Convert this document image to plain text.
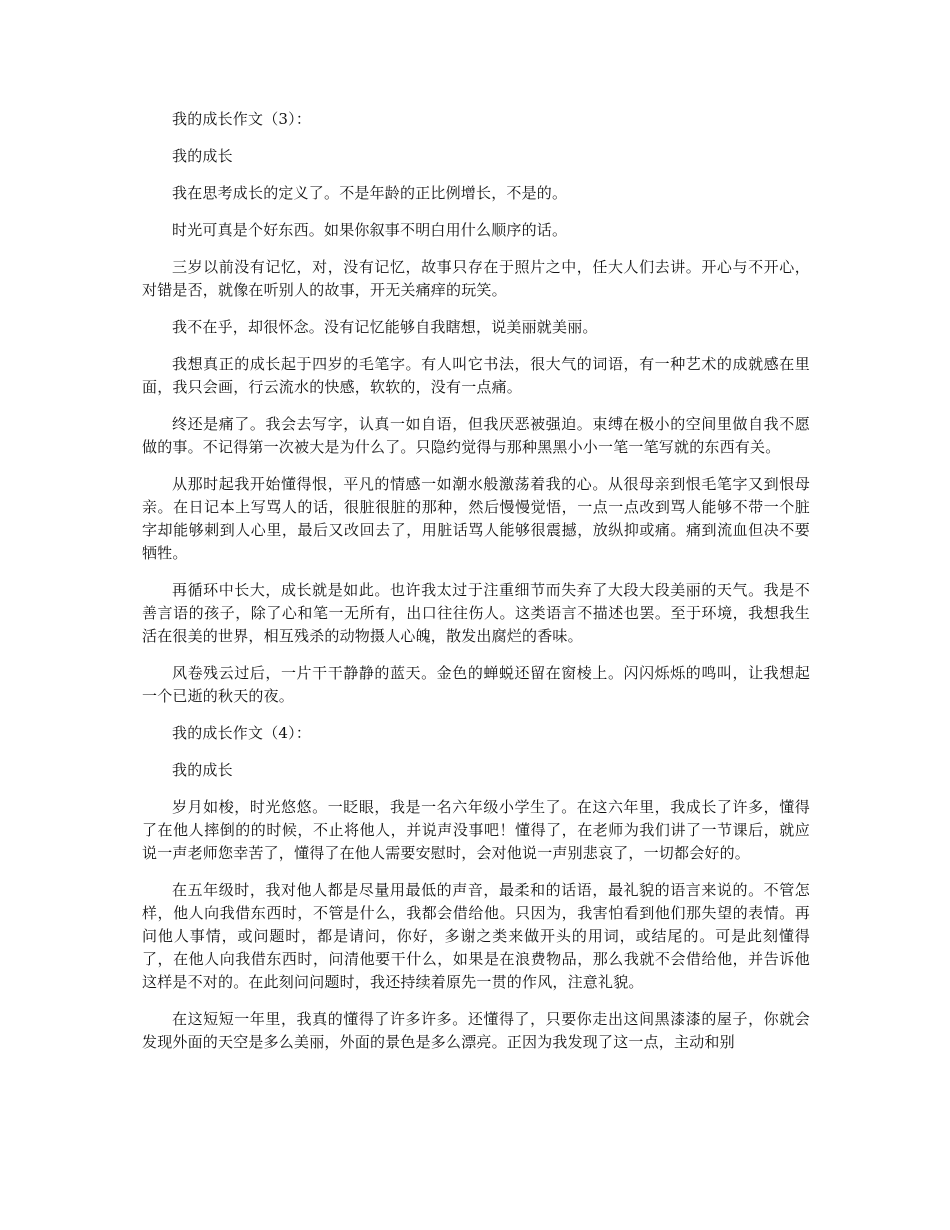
我的成长作文（3）：

我的成长

我在思考成长的定义了。不是年龄的正比例增长，不是的。

时光可真是个好东西。如果你叙事不明白用什么顺序的话。

三岁以前没有记忆，对，没有记忆，故事只存在于照片之中，任大人们去讲。开心与不开心，对错是否，就像在听别人的故事，开无关痛痒的玩笑。

我不在乎，却很怀念。没有记忆能够自我瞎想，说美丽就美丽。

我想真正的成长起于四岁的毛笔字。有人叫它书法，很大气的词语，有一种艺术的成就感在里面，我只会画，行云流水的快感，软软的，没有一点痛。

终还是痛了。我会去写字，认真一如自语，但我厌恶被强迫。束缚在极小的空间里做自我不愿做的事。不记得第一次被大是为什么了。只隐约觉得与那种黑黑小小一笔一笔写就的东西有关。

从那时起我开始懂得恨，平凡的情感一如潮水般激荡着我的心。从很母亲到恨毛笔字又到恨母亲。在日记本上写骂人的话，很脏很脏的那种，然后慢慢觉悟，一点一点改到骂人能够不带一个脏字却能够刺到人心里，最后又改回去了，用脏话骂人能够很震撼，放纵抑或痛。痛到流血但决不要牺牲。

再循环中长大，成长就是如此。也许我太过于注重细节而失弃了大段大段美丽的天气。我是不善言语的孩子，除了心和笔一无所有，出口往往伤人。这类语言不描述也罢。至于环境，我想我生活在很美的世界，相互残杀的动物摄人心魄，散发出腐烂的香味。

风卷残云过后，一片干干静静的蓝天。金色的蝉蜕还留在窗棱上。闪闪烁烁的鸣叫，让我想起一个已逝的秋天的夜。

我的成长作文（4）：

我的成长

岁月如梭，时光悠悠。一眨眼，我是一名六年级小学生了。在这六年里，我成长了许多，懂得了在他人摔倒的的时候，不止将他人，并说声没事吧！懂得了，在老师为我们讲了一节课后，就应说一声老师您幸苦了，懂得了在他人需要安慰时，会对他说一声别悲哀了，一切都会好的。

在五年级时，我对他人都是尽量用最低的声音，最柔和的话语，最礼貌的语言来说的。不管怎样，他人向我借东西时，不管是什么，我都会借给他。只因为，我害怕看到他们那失望的表情。再问他人事情，或问题时，都是请问，你好，多谢之类来做开头的用词，或结尾的。可是此刻懂得了，在他人向我借东西时，问清他要干什么，如果是在浪费物品，那么我就不会借给他，并告诉他这样是不对的。在此刻问问题时，我还持续着原先一贯的作风，注意礼貌。

在这短短一年里，我真的懂得了许多许多。还懂得了，只要你走出这间黑漆漆的屋子，你就会发现外面的天空是多么美丽，外面的景色是多么漂亮。正因为我发现了这一点，主动和别
